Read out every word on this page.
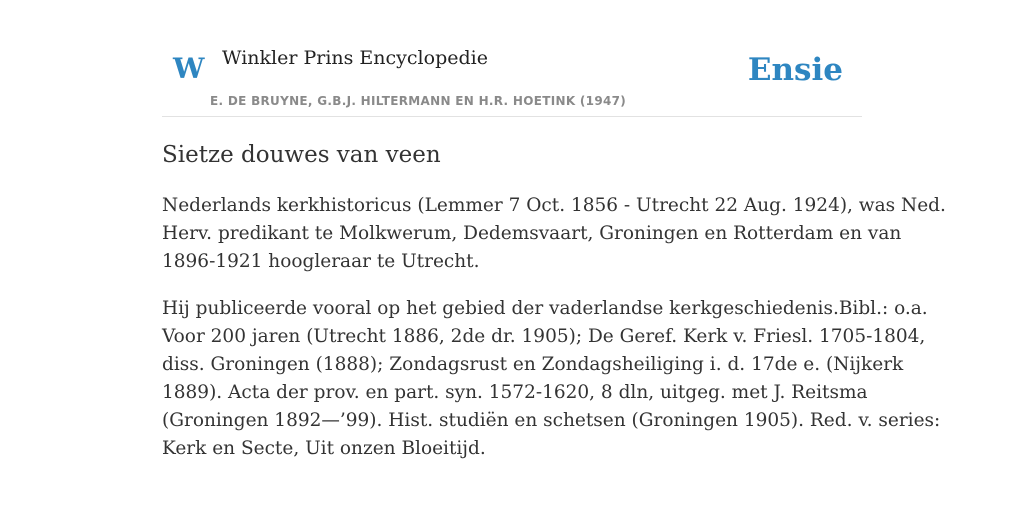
W Winkler Prins Encyclopedie
E. DE BRUYNE, G.B.J. HILTERMANN EN H.R. HOETINK (1947)
Ensie
Sietze douwes van veen

Nederlands kerkhistoricus (Lemmer 7 Oct. 1856 - Utrecht 22 Aug. 1924), was Ned.
Herv. predikant te Molkwerum, Dedemsvaart, Groningen en Rotterdam en van
1896-1921 hoogleraar te Utrecht.

Hij publiceerde vooral op het gebied der vaderlandse kerkgeschiedenis.Bibl.: o.a.
Voor 200 jaren (Utrecht 1886, 2de dr. 1905); De Geref. Kerk v. Friesl. 1705-1804,
diss. Groningen (1888); Zondagsrust en Zondagsheiliging i. d. 17de e. (Nijkerk
1889). Acta der prov. en part. syn. 1572-1620, 8 dln, uitgeg. met J. Reitsma
(Groningen 1892—’99). Hist. studiën en schetsen (Groningen 1905). Red. v. series:
Kerk en Secte, Uit onzen Bloeitijd.
